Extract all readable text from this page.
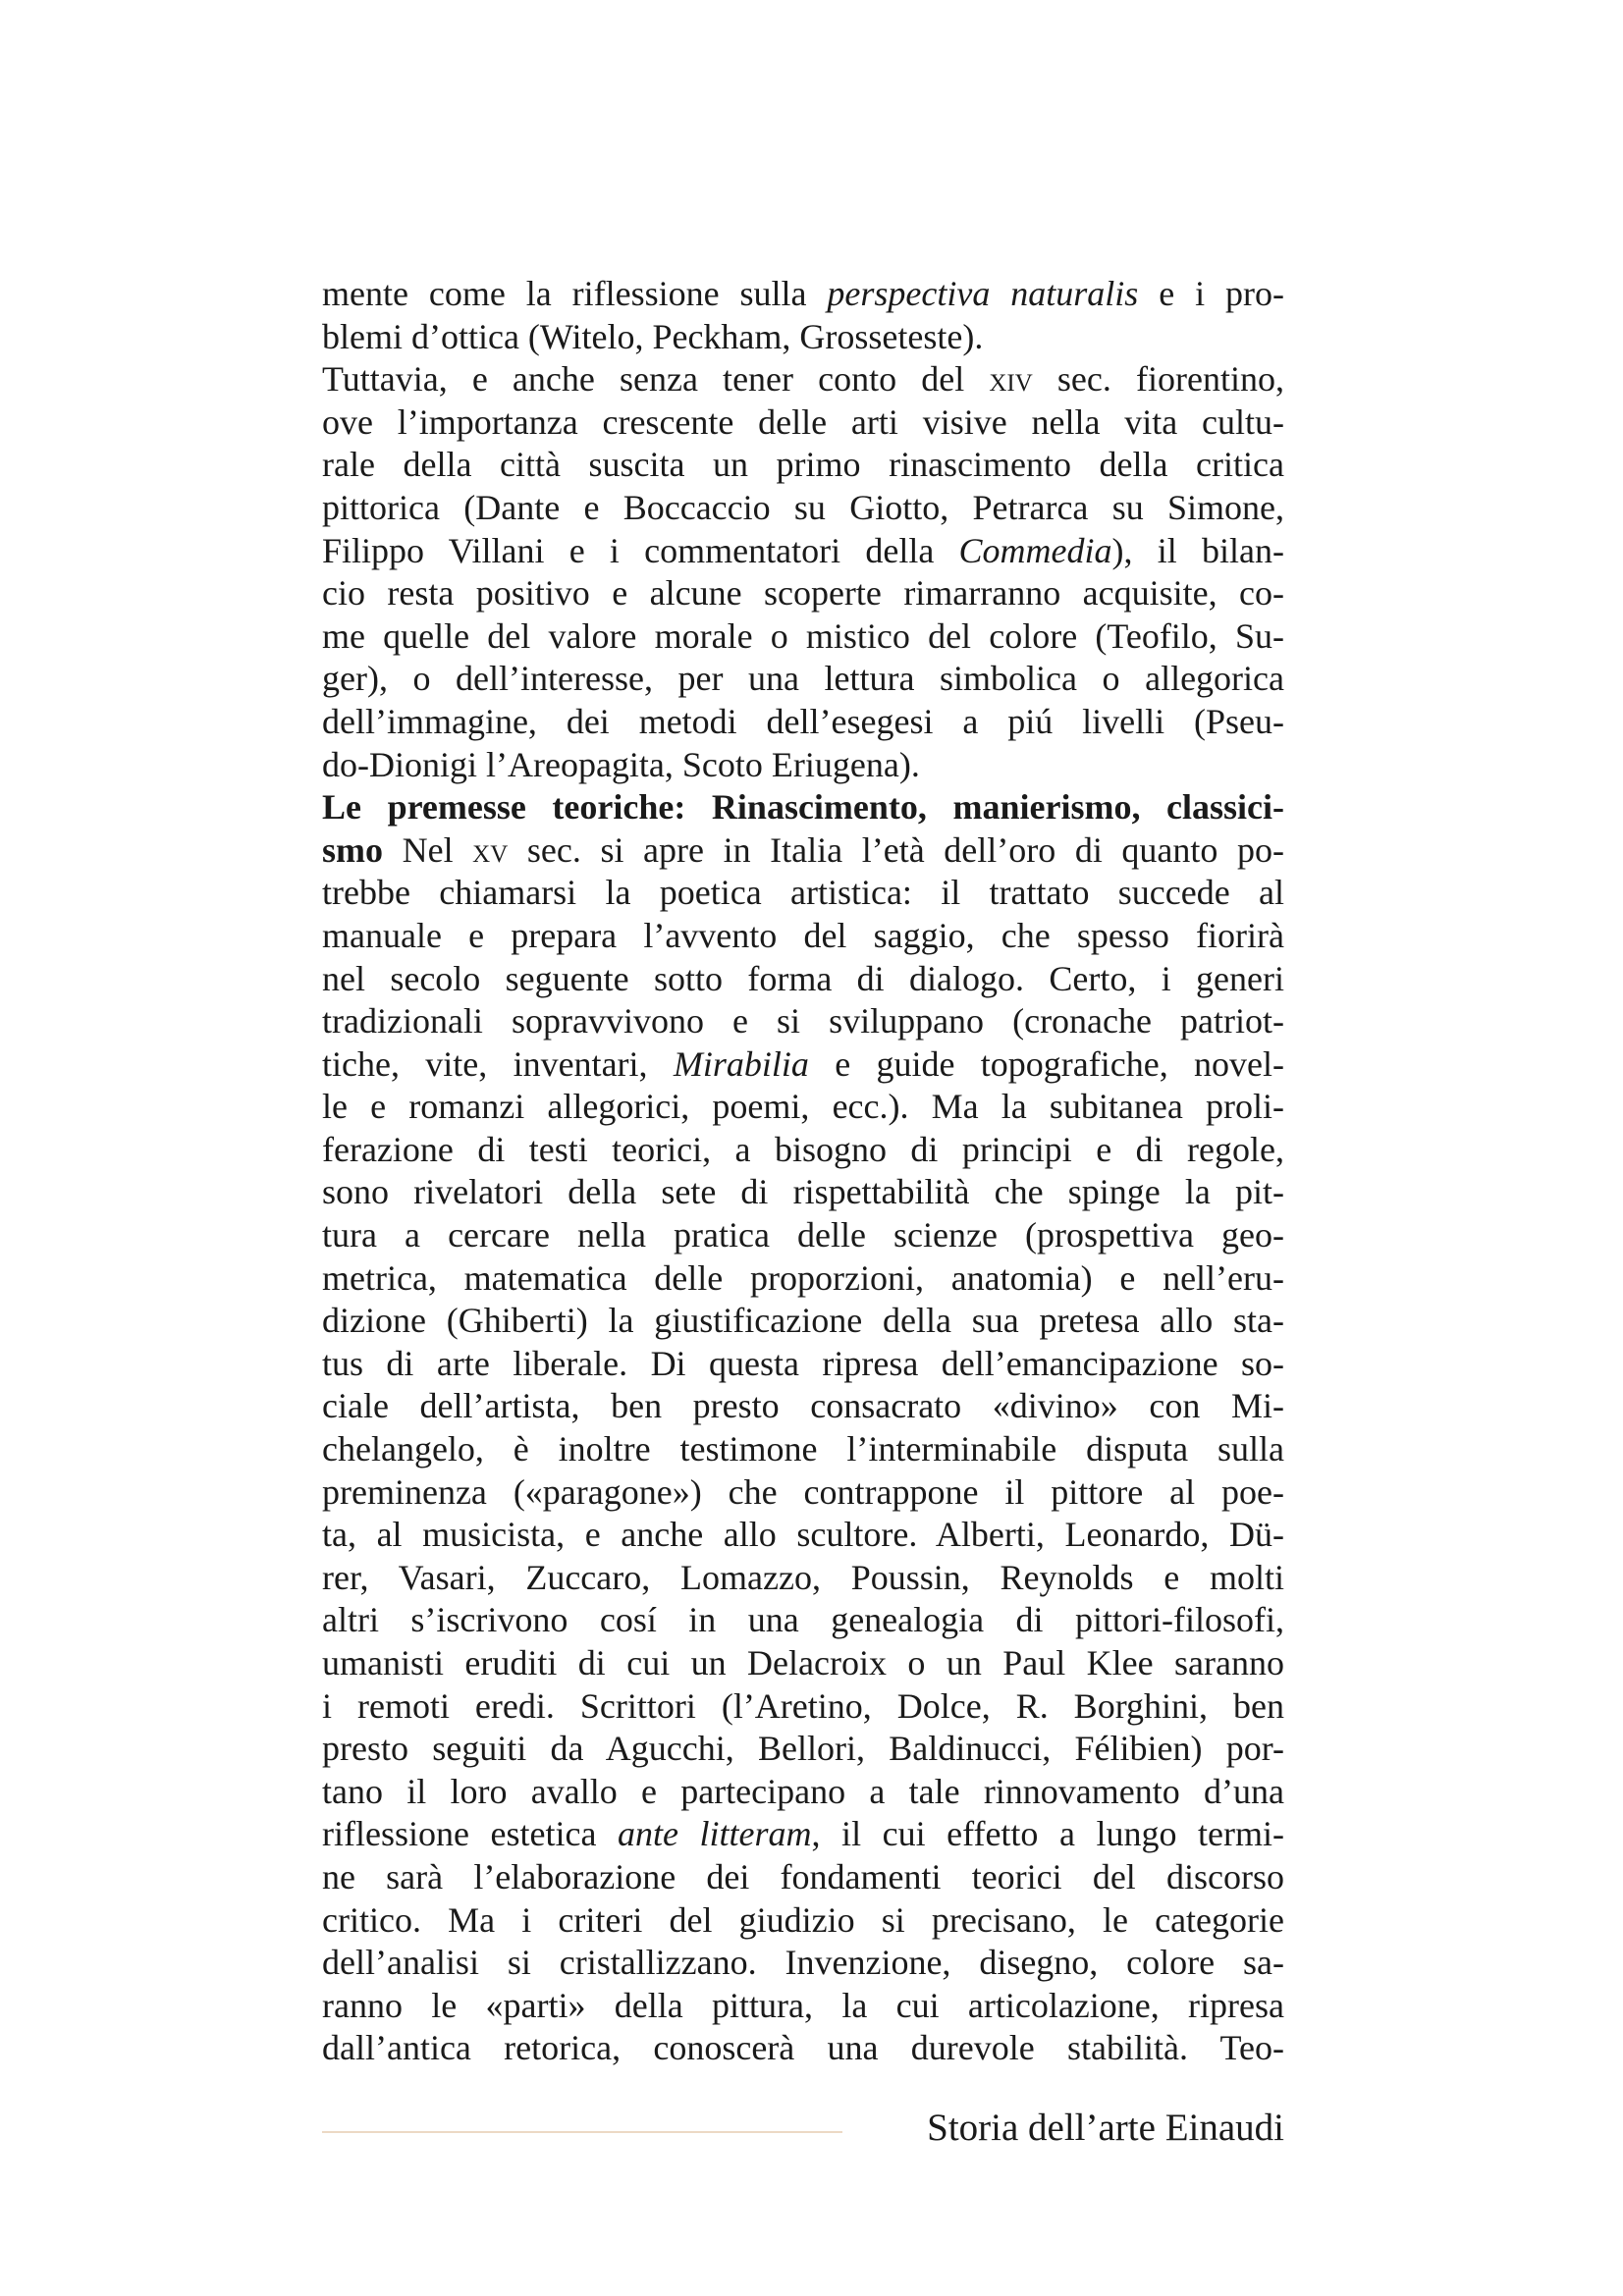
mente come la riflessione sulla perspectiva naturalis e i pro-
blemi d’ottica (Witelo, Peckham, Grosseteste).
Tuttavia, e anche senza tener conto del xiv sec. fiorentino,
ove l’importanza crescente delle arti visive nella vita cultu-
rale della città suscita un primo rinascimento della critica
pittorica (Dante e Boccaccio su Giotto, Petrarca su Simone,
Filippo Villani e i commentatori della Commedia), il bilan-
cio resta positivo e alcune scoperte rimarranno acquisite, co-
me quelle del valore morale o mistico del colore (Teofilo, Su-
ger), o dell’interesse, per una lettura simbolica o allegorica
dell’immagine, dei metodi dell’esegesi a piú livelli (Pseu-
do-Dionigi l’Areopagita, Scoto Eriugena).
Le premesse teoriche: Rinascimento, manierismo, classici-
smo Nel xv sec. si apre in Italia l’età dell’oro di quanto po-
trebbe chiamarsi la poetica artistica: il trattato succede al
manuale e prepara l’avvento del saggio, che spesso fiorirà
nel secolo seguente sotto forma di dialogo. Certo, i generi
tradizionali sopravvivono e si sviluppano (cronache patriot-
tiche, vite, inventari, Mirabilia e guide topografiche, novel-
le e romanzi allegorici, poemi, ecc.). Ma la subitanea proli-
ferazione di testi teorici, a bisogno di principi e di regole,
sono rivelatori della sete di rispettabilità che spinge la pit-
tura a cercare nella pratica delle scienze (prospettiva geo-
metrica, matematica delle proporzioni, anatomia) e nell’eru-
dizione (Ghiberti) la giustificazione della sua pretesa allo sta-
tus di arte liberale. Di questa ripresa dell’emancipazione so-
ciale dell’artista, ben presto consacrato «divino» con Mi-
chelangelo, è inoltre testimone l’interminabile disputa sulla
preminenza («paragone») che contrappone il pittore al poe-
ta, al musicista, e anche allo scultore. Alberti, Leonardo, Dü-
rer, Vasari, Zuccaro, Lomazzo, Poussin, Reynolds e molti
altri s’iscrivono cosí in una genealogia di pittori-filosofi,
umanisti eruditi di cui un Delacroix o un Paul Klee saranno
i remoti eredi. Scrittori (l’Aretino, Dolce, R. Borghini, ben
presto seguiti da Agucchi, Bellori, Baldinucci, Félibien) por-
tano il loro avallo e partecipano a tale rinnovamento d’una
riflessione estetica ante litteram, il cui effetto a lungo termi-
ne sarà l’elaborazione dei fondamenti teorici del discorso
critico. Ma i criteri del giudizio si precisano, le categorie
dell’analisi si cristallizzano. Invenzione, disegno, colore sa-
ranno le «parti» della pittura, la cui articolazione, ripresa
dall’antica retorica, conoscerà una durevole stabilità. Teo-
Storia dell’arte Einaudi
